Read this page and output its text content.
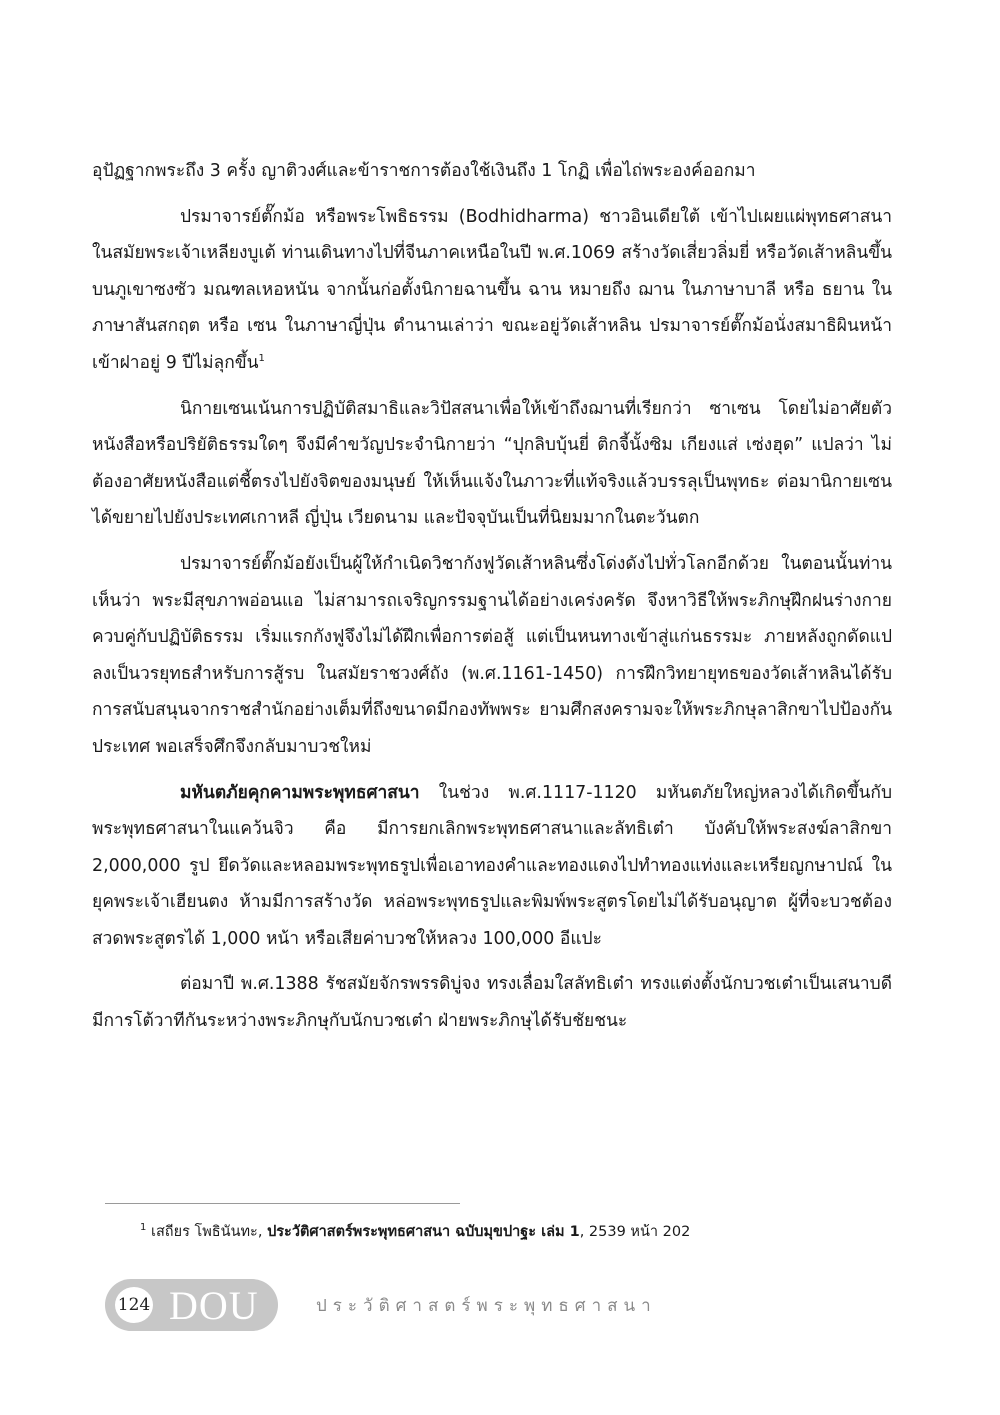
อุปัฏฐากพระถึง 3 ครั้ง ญาติวงศ์และข้าราชการต้องใช้เงินถึง 1 โกฏิ เพื่อไถ่พระองค์ออกมา

ปรมาจารย์ตั๊กม้อ หรือพระโพธิธรรม (Bodhidharma) ชาวอินเดียใต้ เข้าไปเผยแผ่พุทธศาสนาในสมัยพระเจ้าเหลียงบูเต้ ท่านเดินทางไปที่จีนภาคเหนือในปี พ.ศ.1069 สร้างวัดเสี่ยวลิ่มยี่ หรือวัดเส้าหลินขึ้นบนภูเขาซงซัว มณฑลเหอหนัน จากนั้นก่อตั้งนิกายฉานขึ้น ฉาน หมายถึง ฌาน ในภาษาบาลี หรือ ธยาน ในภาษาสันสกฤต หรือ เซน ในภาษาญี่ปุ่น ตำนานเล่าว่า ขณะอยู่วัดเส้าหลิน ปรมาจารย์ตั๊กม้อนั่งสมาธิผินหน้าเข้าฝาอยู่ 9 ปีไม่ลุกขึ้น$^1$

นิกายเซนเน้นการปฏิบัติสมาธิและวิปัสสนาเพื่อให้เข้าถึงฌานที่เรียกว่า ซาเซน โดยไม่อาศัยตัวหนังสือหรือปริยัติธรรมใดๆ จึงมีคำขวัญประจำนิกายว่า “ปุกลิบบุ้นยี่ ติกจี้นั้งซิม เกียงแส่ เซ่งฮุด” แปลว่า ไม่ต้องอาศัยหนังสือแต่ชี้ตรงไปยังจิตของมนุษย์ ให้เห็นแจ้งในภาวะที่แท้จริงแล้วบรรลุเป็นพุทธะ ต่อมานิกายเซนได้ขยายไปยังประเทศเกาหลี ญี่ปุ่น เวียดนาม และปัจจุบันเป็นที่นิยมมากในตะวันตก

ปรมาจารย์ตั๊กม้อยังเป็นผู้ให้กำเนิดวิชากังฟูวัดเส้าหลินซึ่งโด่งดังไปทั่วโลกอีกด้วย ในตอนนั้นท่านเห็นว่า พระมีสุขภาพอ่อนแอ ไม่สามารถเจริญกรรมฐานได้อย่างเคร่งครัด จึงหาวิธีให้พระภิกษุฝึกฝนร่างกายควบคู่กับปฏิบัติธรรม เริ่มแรกกังฟูจึงไม่ได้ฝึกเพื่อการต่อสู้ แต่เป็นหนทางเข้าสู่แก่นธรรมะ ภายหลังถูกดัดแปลงเป็นวรยุทธสำหรับการสู้รบ ในสมัยราชวงศ์ถัง (พ.ศ.1161-1450) การฝึกวิทยายุทธของวัดเส้าหลินได้รับการสนับสนุนจากราชสำนักอย่างเต็มที่ถึงขนาดมีกองทัพพระ ยามศึกสงครามจะให้พระภิกษุลาสิกขาไปป้องกันประเทศ พอเสร็จศึกจึงกลับมาบวชใหม่

มหันตภัยคุกคามพระพุทธศาสนา ในช่วง พ.ศ.1117-1120 มหันตภัยใหญ่หลวงได้เกิดขึ้นกับพระพุทธศาสนาในแคว้นจิว คือ มีการยกเลิกพระพุทธศาสนาและลัทธิเต๋า บังคับให้พระสงฆ์ลาสิกขา 2,000,000 รูป ยึดวัดและหลอมพระพุทธรูปเพื่อเอาทองคำและทองแดงไปทำทองแท่งและเหรียญกษาปณ์ ในยุคพระเจ้าเฮียนตง ห้ามมีการสร้างวัด หล่อพระพุทธรูปและพิมพ์พระสูตรโดยไม่ได้รับอนุญาต ผู้ที่จะบวชต้องสวดพระสูตรได้ 1,000 หน้า หรือเสียค่าบวชให้หลวง 100,000 อีแปะ

ต่อมาปี พ.ศ.1388 รัชสมัยจักรพรรดิบู่จง ทรงเลื่อมใสลัทธิเต๋า ทรงแต่งตั้งนักบวชเต๋าเป็นเสนาบดี มีการโต้วาทีกันระหว่างพระภิกษุกับนักบวชเต๋า ฝ่ายพระภิกษุได้รับชัยชนะ

$^1$ เสถียร โพธินันทะ, ประวัติศาสตร์พระพุทธศาสนา ฉบับมุขปาฐะ เล่ม 1, 2539 หน้า 202
124 DOU	ประวัติศาสตร์พระพุทธศาสนา
